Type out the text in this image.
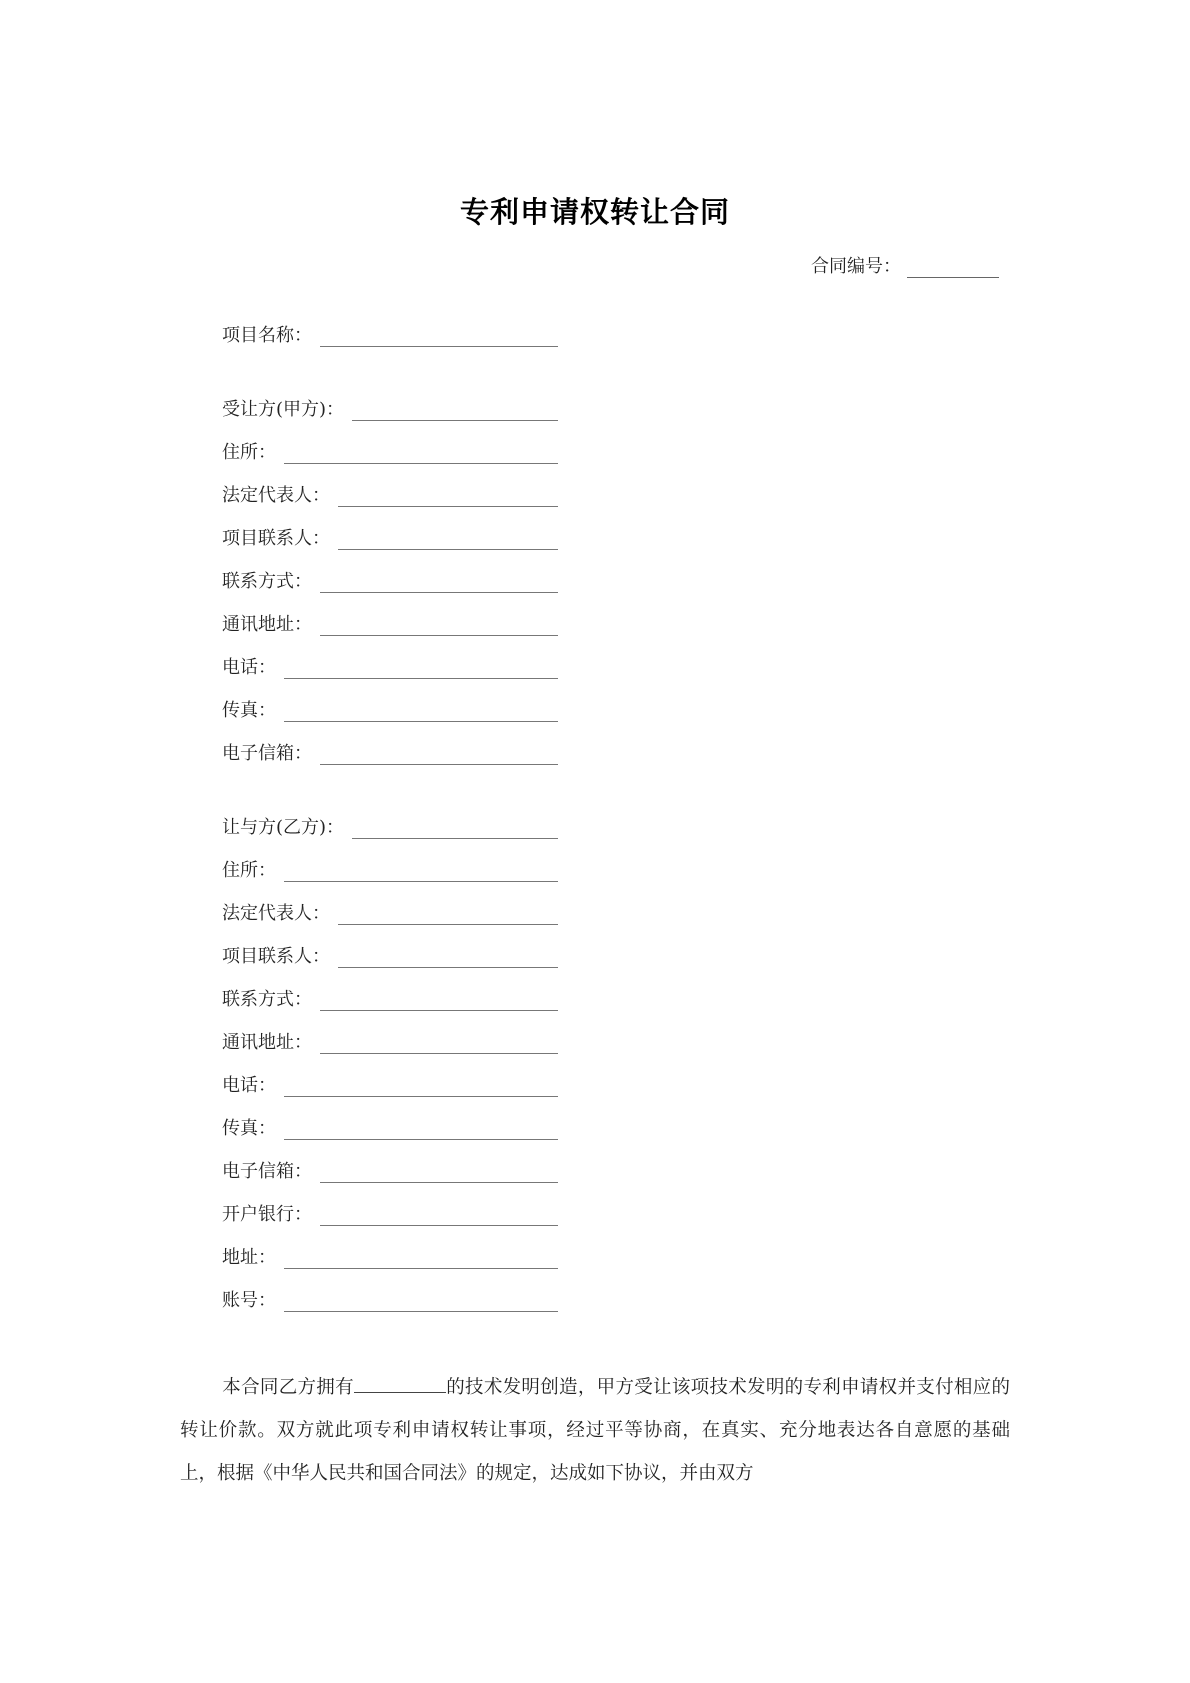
专利申请权转让合同
合同编号：
项目名称：
受让方(甲方)：
住所：
法定代表人：
项目联系人：
联系方式：
通讯地址：
电话：
传真：
电子信箱：
让与方(乙方)：
住所：
法定代表人：
项目联系人：
联系方式：
通讯地址：
电话：
传真：
电子信箱：
开户银行：
地址：
账号：
本合同乙方拥有	的技术发明创造，甲方受让该项技术发明的专利申请权并支付相应的转让价款。双方就此项专利申请权转让事项，经过平等协商，在真实、充分地表达各自意愿的基础上，根据《中华人民共和国合同法》的规定，达成如下协议，并由双方
